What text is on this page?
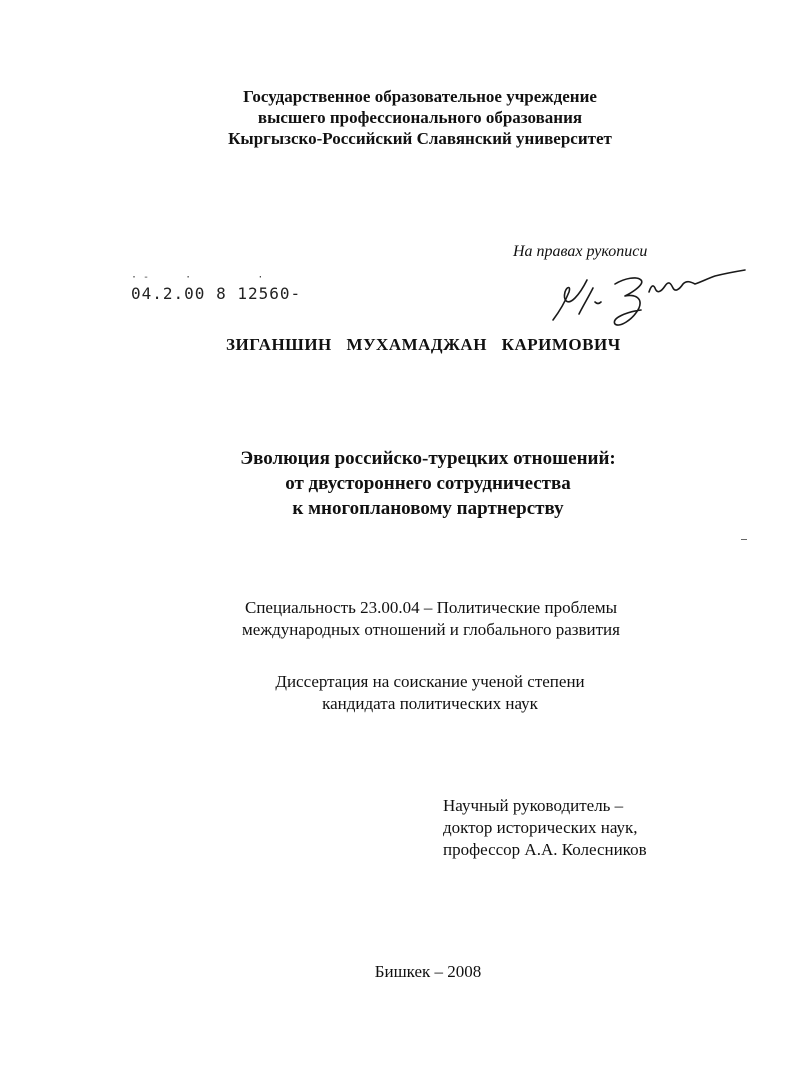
Государственное образовательное учреждение
высшего профессионального образования
Кыргызско-Российский Славянский университет
На правах рукописи
· -      ·           ·
04.2.00 8 12560-
ЗИГАНШИН МУХАМАДЖАН КАРИМОВИЧ
Эволюция российско-турецких отношений:
от двустороннего сотрудничества
к многоплановому партнерству
Специальность 23.00.04 – Политические проблемы
международных отношений и глобального развития
Диссертация на соискание ученой степени
кандидата политических наук
Научный руководитель –
доктор исторических наук,
профессор А.А. Колесников
Бишкек – 2008
